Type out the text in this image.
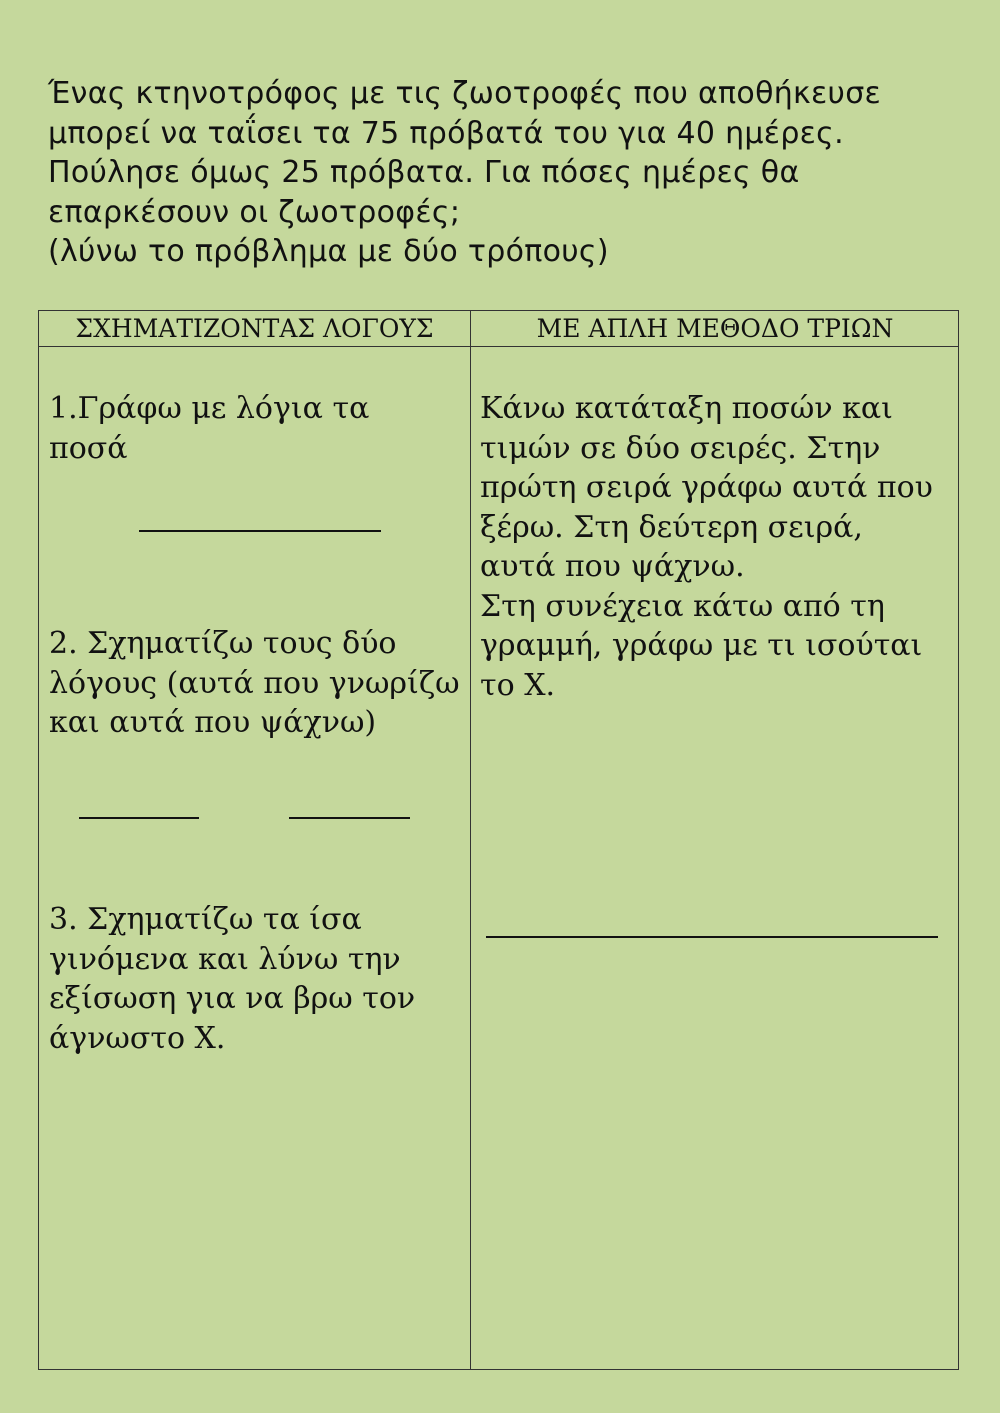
Ένας κτηνοτρόφος με τις ζωοτροφές που αποθήκευσε
μπορεί να ταΐσει τα 75 πρόβατά του για 40 ημέρες.
Πούλησε όμως 25 πρόβατα. Για πόσες ημέρες θα
επαρκέσουν οι ζωοτροφές;
(λύνω το πρόβλημα με δύο τρόπους)
ΣΧΗΜΑΤΙΖΟΝΤΑΣ ΛΟΓΟΥΣ	ΜΕ ΑΠΛΗ ΜΕΘΟΔΟ ΤΡΙΩΝ
1.Γράφω με λόγια τα
ποσά
2. Σχηματίζω τους δύο
λόγους (αυτά που γνωρίζω
και αυτά που ψάχνω)
3. Σχηματίζω τα ίσα
γινόμενα και λύνω την
εξίσωση για να βρω τον
άγνωστο Χ.
Κάνω κατάταξη ποσών και
τιμών σε δύο σειρές. Στην
πρώτη σειρά γράφω αυτά που
ξέρω. Στη δεύτερη σειρά,
αυτά που ψάχνω.
Στη συνέχεια κάτω από τη
γραμμή, γράφω με τι ισούται
το Χ.
